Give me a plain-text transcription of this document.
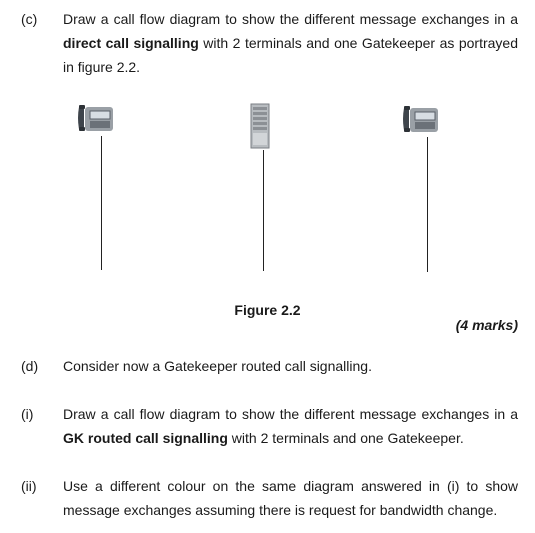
(c) Draw a call flow diagram to show the different message exchanges in a direct call signalling with 2 terminals and one Gatekeeper as portrayed in figure 2.2.
Figure 2.2
(4 marks)
(d) Consider now a Gatekeeper routed call signalling.
(i) Draw a call flow diagram to show the different message exchanges in a GK routed call signalling with 2 terminals and one Gatekeeper.
(ii) Use a different colour on the same diagram answered in (i) to show message exchanges assuming there is request for bandwidth change.
